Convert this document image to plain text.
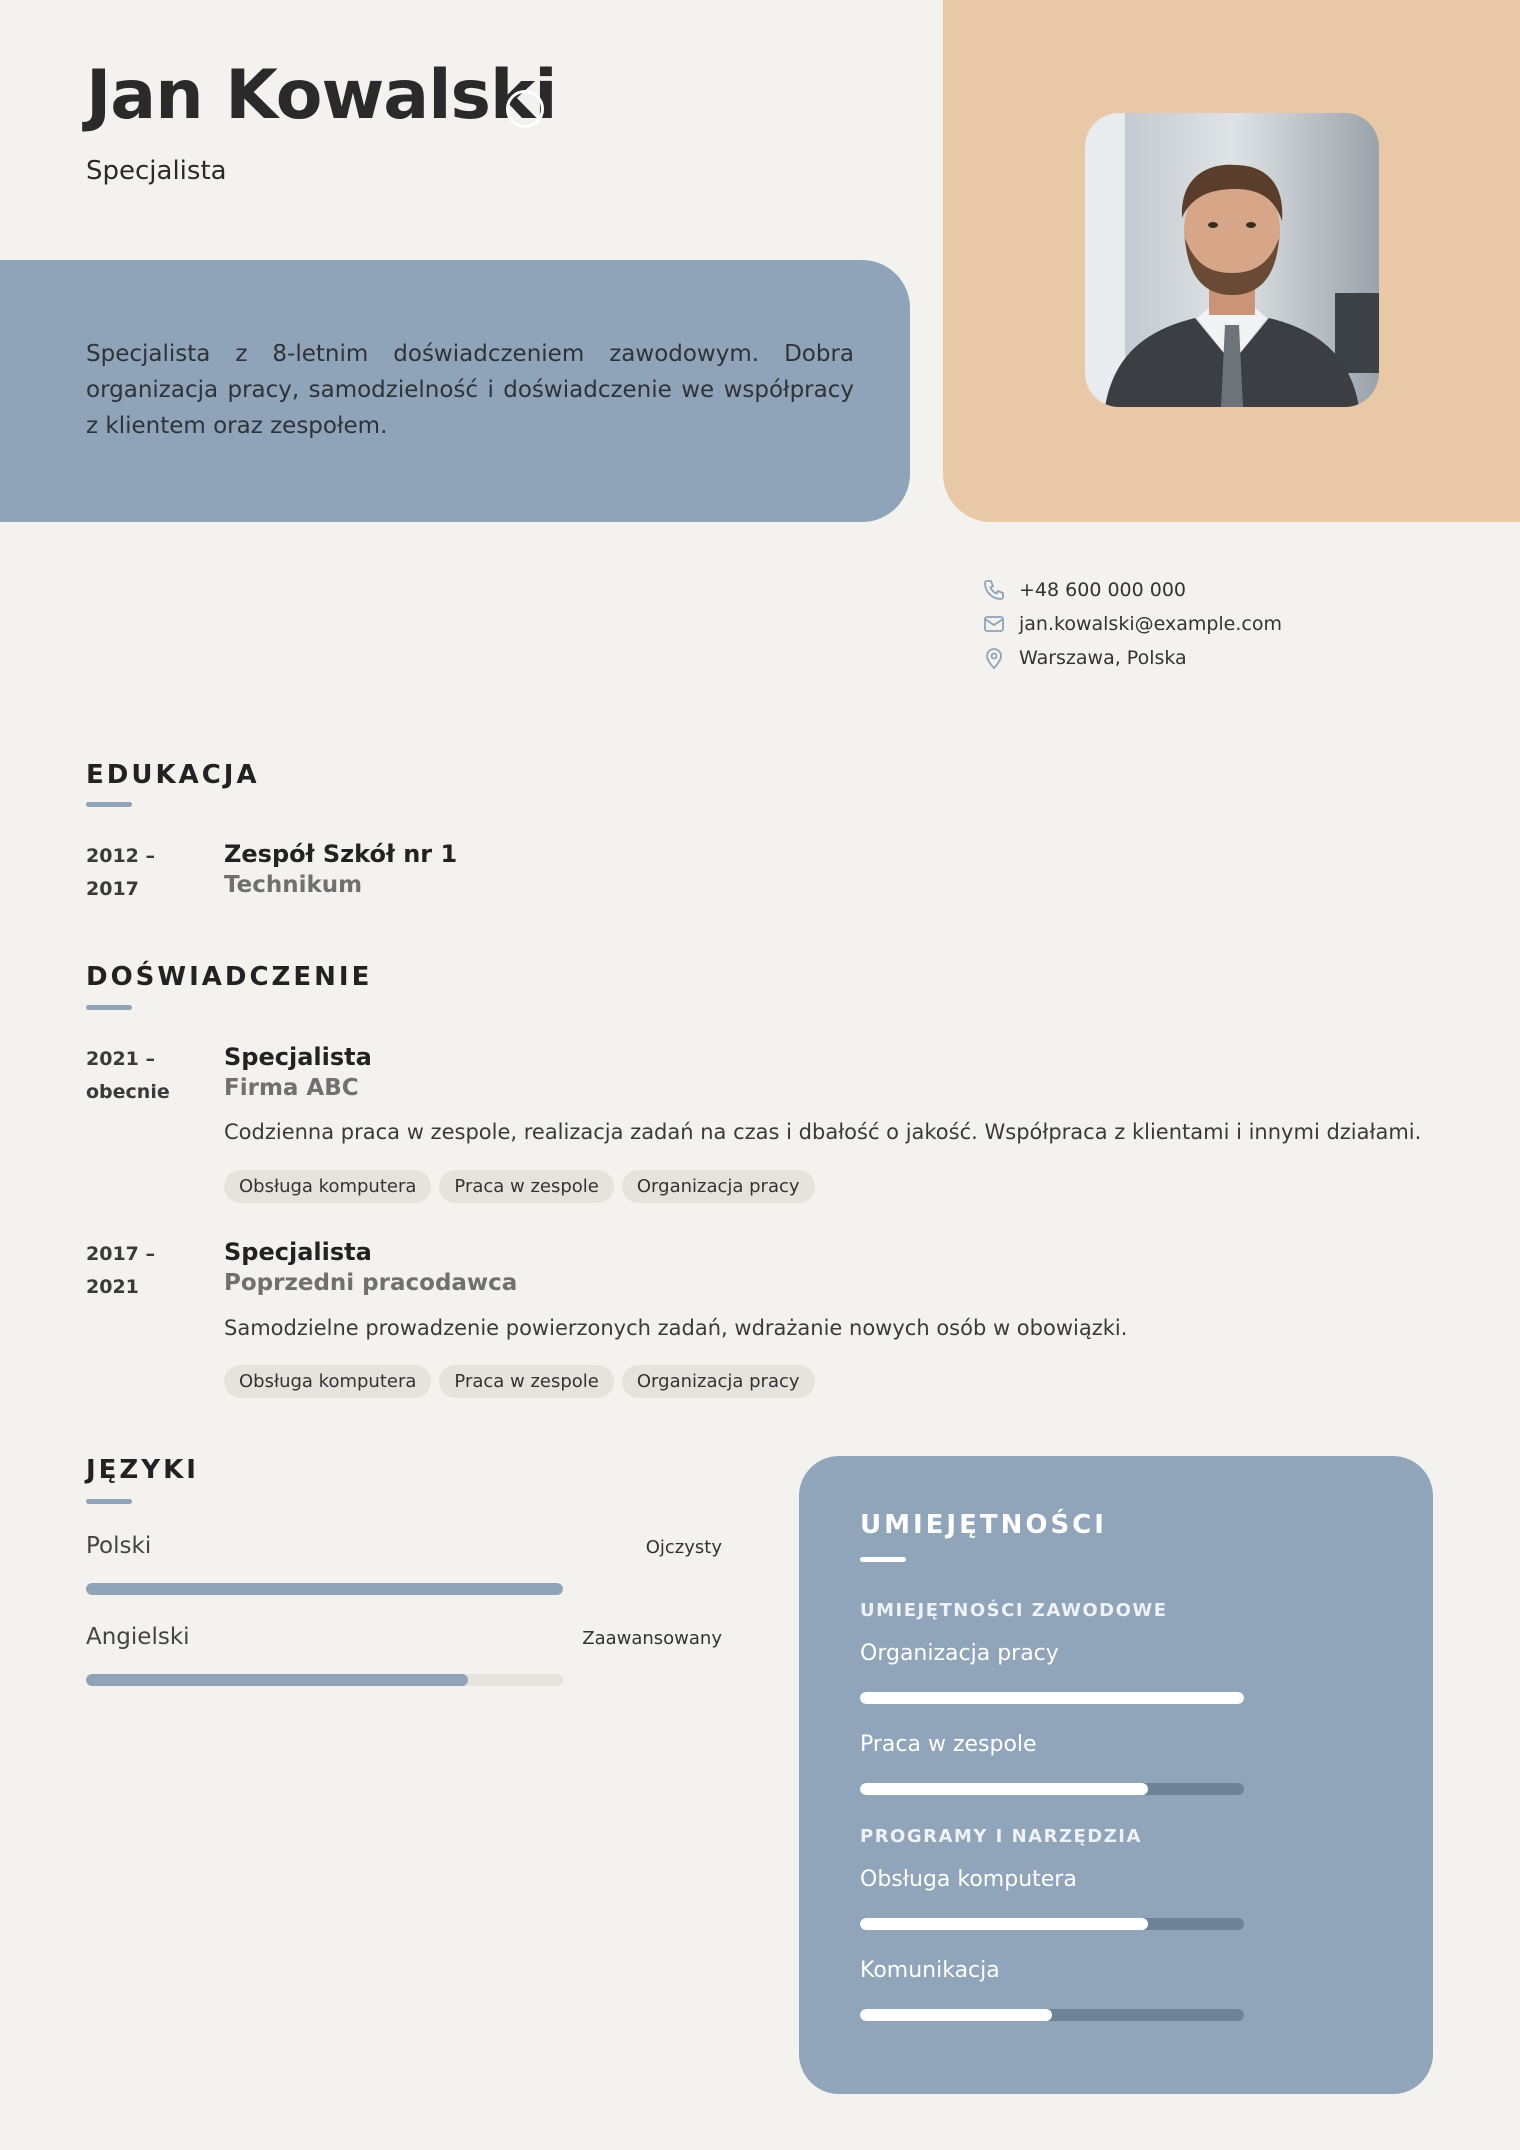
Jan Kowalski
Specjalista
Specjalista z 8-letnim doświadczeniem zawodowym. Dobra organizacja pracy, samodzielność i doświadczenie we współpracy z klientem oraz zespołem.
+48 600 000 000
jan.kowalski@example.com
Warszawa, Polska
EDUKACJA
2012 –
2017
Zespół Szkół nr 1
Technikum
DOŚWIADCZENIE
2021 –
obecnie
Specjalista
Firma ABC
Codzienna praca w zespole, realizacja zadań na czas i dbałość o jakość. Współpraca z klientami i innymi działami.
Obsługa komputera	Praca w zespole	Organizacja pracy
2017 –
2021
Specjalista
Poprzedni pracodawca
Samodzielne prowadzenie powierzonych zadań, wdrażanie nowych osób w obowiązki.
Obsługa komputera	Praca w zespole	Organizacja pracy
JĘZYKI
Polski	Ojczysty
Angielski	Zaawansowany
UMIEJĘTNOŚCI
UMIEJĘTNOŚCI ZAWODOWE
Organizacja pracy
Praca w zespole
PROGRAMY I NARZĘDZIA
Obsługa komputera
Komunikacja
